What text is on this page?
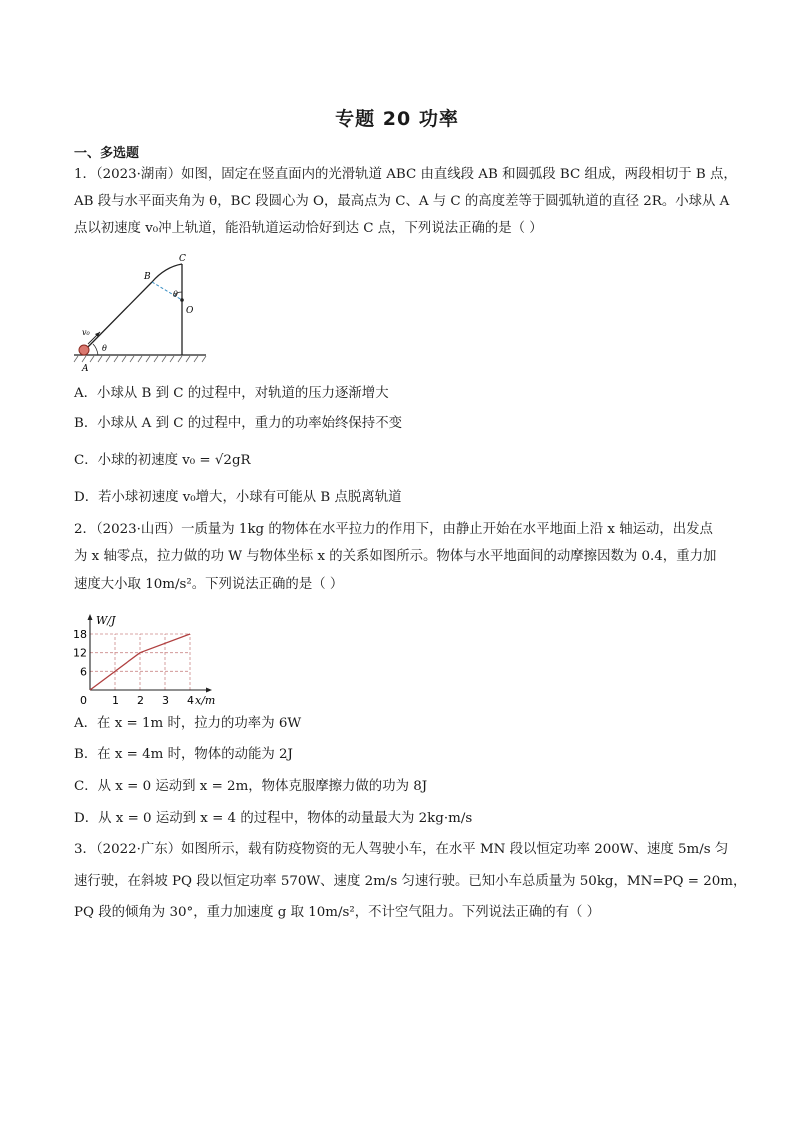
专题 20 功率
一、多选题
1．（2023·湖南）如图，固定在竖直面内的光滑轨道 ABC 由直线段 AB 和圆弧段 BC 组成，两段相切于 B 点，
AB 段与水平面夹角为 θ，BC 段圆心为 O，最高点为 C、A 与 C 的高度差等于圆弧轨道的直径 2R。小球从 A
点以初速度 v₀冲上轨道，能沿轨道运动恰好到达 C 点，下列说法正确的是（ ）
A
B
C
O
θ
θ
v₀
A．小球从 B 到 C 的过程中，对轨道的压力逐渐增大
B．小球从 A 到 C 的过程中，重力的功率始终保持不变
C．小球的初速度 v₀ = √2gR
D．若小球初速度 v₀增大，小球有可能从 B 点脱离轨道
2．（2023·山西）一质量为 1kg 的物体在水平拉力的作用下，由静止开始在水平地面上沿 x 轴运动，出发点
为 x 轴零点，拉力做的功 W 与物体坐标 x 的关系如图所示。物体与水平地面间的动摩擦因数为 0.4，重力加
速度大小取 10m/s²。下列说法正确的是（ ）
0 1 2 3 4
6
12
18
x/m
W/J
A．在 x = 1m 时，拉力的功率为 6W
B．在 x = 4m 时，物体的动能为 2J
C．从 x = 0 运动到 x = 2m，物体克服摩擦力做的功为 8J
D．从 x = 0 运动到 x = 4 的过程中，物体的动量最大为 2kg·m/s
3．（2022·广东）如图所示，载有防疫物资的无人驾驶小车，在水平 MN 段以恒定功率 200W、速度 5m/s 匀
速行驶，在斜坡 PQ 段以恒定功率 570W、速度 2m/s 匀速行驶。已知小车总质量为 50kg，MN=PQ = 20m，
PQ 段的倾角为 30°，重力加速度 g 取 10m/s²，不计空气阻力。下列说法正确的有（ ）
